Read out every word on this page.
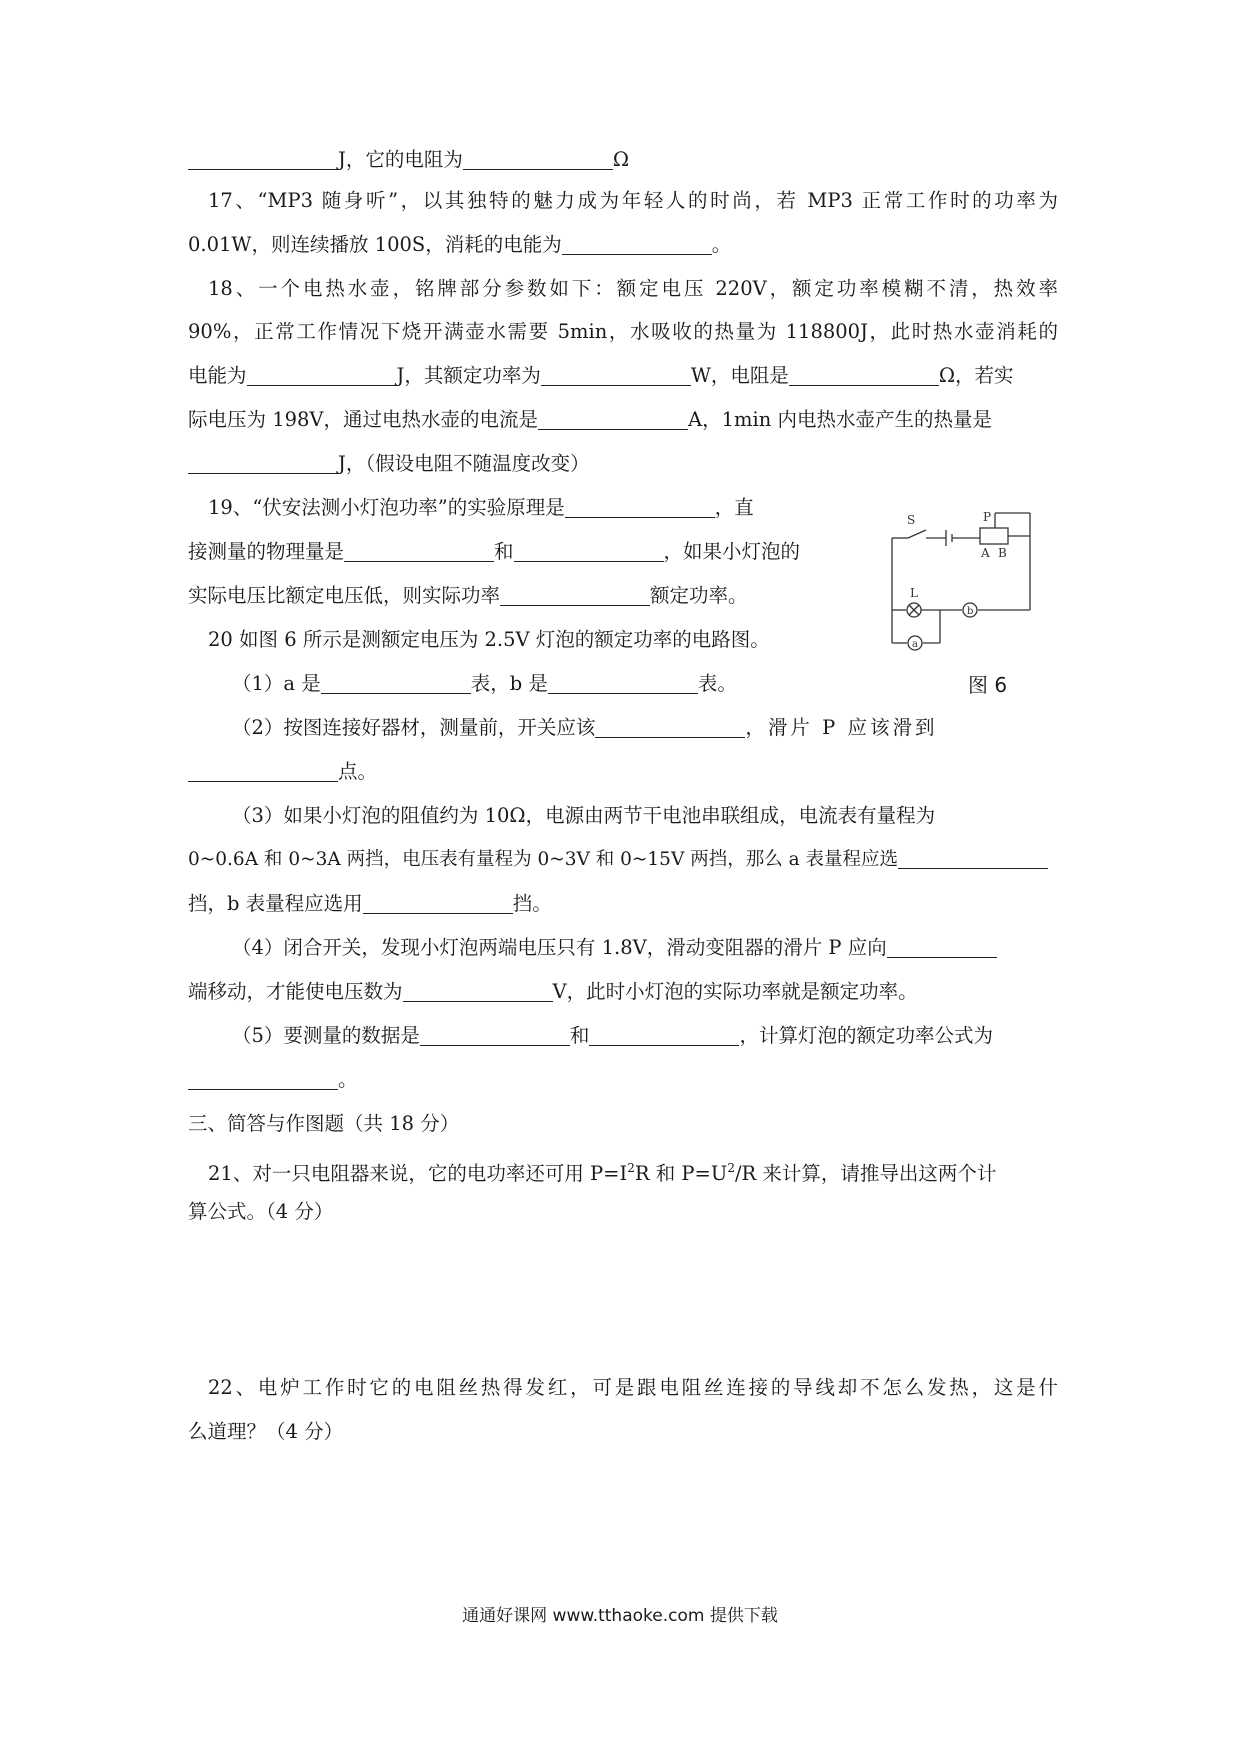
J，它的电阻为	Ω
17、“MP3 随身听”，以其独特的魅力成为年轻人的时尚，若 MP3 正常工作时的功率为
0.01W，则连续播放 100S，消耗的电能为	。
18、一个电热水壶，铭牌部分参数如下：额定电压 220V，额定功率模糊不清，热效率
90%，正常工作情况下烧开满壶水需要 5min，水吸收的热量为 118800J，此时热水壶消耗的
电能为	J，其额定功率为	W，电阻是	Ω，若实
际电压为 198V，通过电热水壶的电流是	A，1min 内电热水壶产生的热量是
J，（假设电阻不随温度改变）
19、“伏安法测小灯泡功率”的实验原理是	，直
接测量的物理量是	和	，如果小灯泡的
实际电压比额定电压低，则实际功率	额定功率。
S	P
A B
L
b
a
图 6
20 如图 6 所示是测额定电压为 2.5V 灯泡的额定功率的电路图。
（1）a 是	表，b 是	表。
（2）按图连接好器材，测量前，开关应该	，滑片 P 应该滑到
点。
（3）如果小灯泡的阻值约为 10Ω，电源由两节干电池串联组成，电流表有量程为
0~0.6A 和 0~3A 两挡，电压表有量程为 0~3V 和 0~15V 两挡，那么 a 表量程应选
挡，b 表量程应选用	挡。
（4）闭合开关，发现小灯泡两端电压只有 1.8V，滑动变阻器的滑片 P 应向
端移动，才能使电压数为	V，此时小灯泡的实际功率就是额定功率。
（5）要测量的数据是	和	，计算灯泡的额定功率公式为
。
三、简答与作图题（共 18 分）
21、对一只电阻器来说，它的电功率还可用 $P=I^2R$ 和 $P=U^2/R$ 来计算，请推导出这两个计
算公式。（4 分）
22、电炉工作时它的电阻丝热得发红，可是跟电阻丝连接的导线却不怎么发热，这是什
么道理？（4 分）
通通好课网 www.tthaoke.com 提供下载
